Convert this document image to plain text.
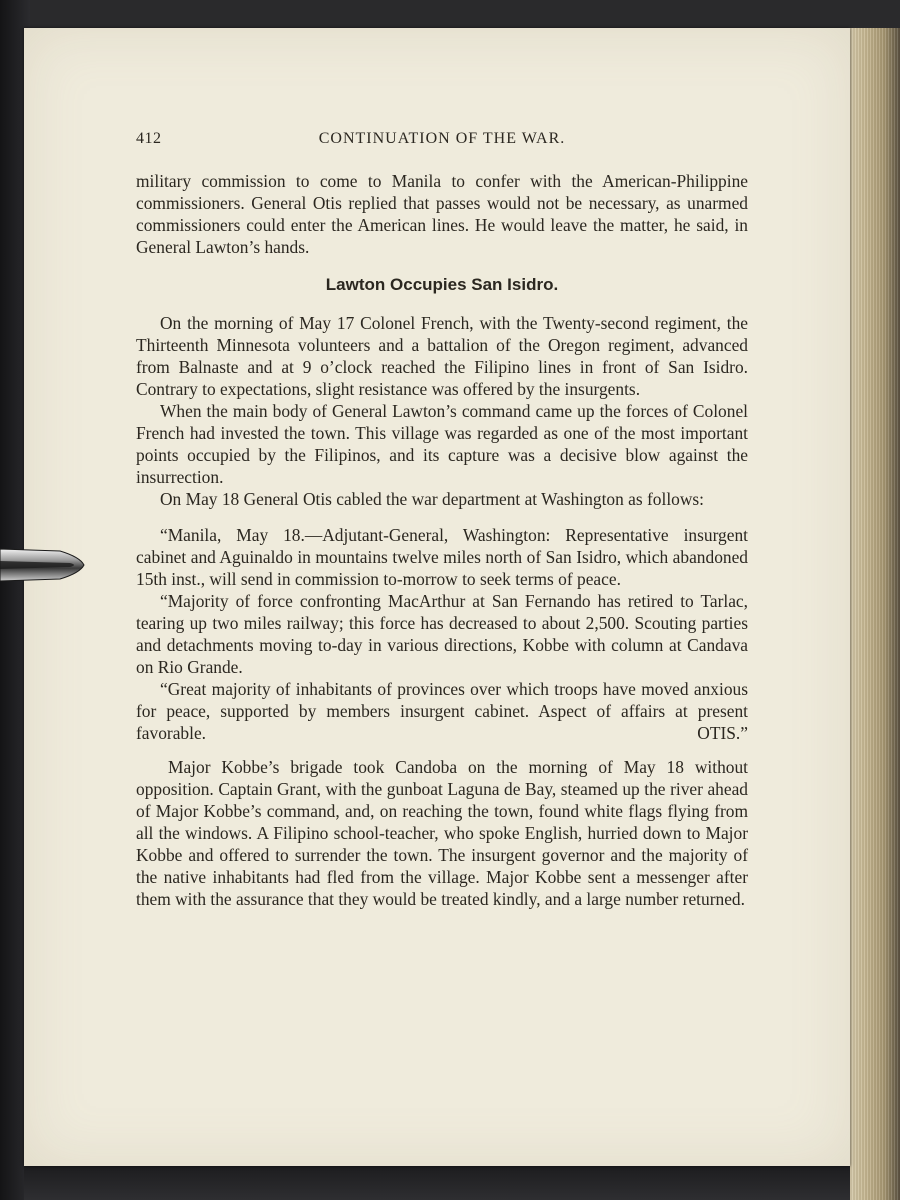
412	CONTINUATION OF THE WAR.

military commission to come to Manila to confer with the American-Philippine commissioners. General Otis replied that passes would not be necessary, as unarmed commissioners could enter the American lines. He would leave the matter, he said, in General Lawton’s hands.

Lawton Occupies San Isidro.

On the morning of May 17 Colonel French, with the Twenty-second regiment, the Thirteenth Minnesota volunteers and a battalion of the Oregon regiment, advanced from Balnaste and at 9 o’clock reached the Filipino lines in front of San Isidro. Contrary to expectations, slight resistance was offered by the insurgents.

When the main body of General Lawton’s command came up the forces of Colonel French had invested the town. This village was regarded as one of the most important points occupied by the Filipinos, and its capture was a decisive blow against the insurrection.

On May 18 General Otis cabled the war department at Washington as follows:

“Manila, May 18.—Adjutant-General, Washington: Representative insurgent cabinet and Aguinaldo in mountains twelve miles north of San Isidro, which abandoned 15th inst., will send in commission to-morrow to seek terms of peace.

“Majority of force confronting MacArthur at San Fernando has retired to Tarlac, tearing up two miles railway; this force has decreased to about 2,500. Scouting parties and detachments moving to-day in various directions, Kobbe with column at Candava on Rio Grande.

“Great majority of inhabitants of provinces over which troops have moved anxious for peace, supported by members insurgent cabinet. Aspect of affairs at present favorable.	OTIS.”

Major Kobbe’s brigade took Candoba on the morning of May 18 without opposition. Captain Grant, with the gunboat Laguna de Bay, steamed up the river ahead of Major Kobbe’s command, and, on reaching the town, found white flags flying from all the windows. A Filipino school-teacher, who spoke English, hurried down to Major Kobbe and offered to surrender the town. The insurgent governor and the majority of the native inhabitants had fled from the village. Major Kobbe sent a messenger after them with the assurance that they would be treated kindly, and a large number returned.
